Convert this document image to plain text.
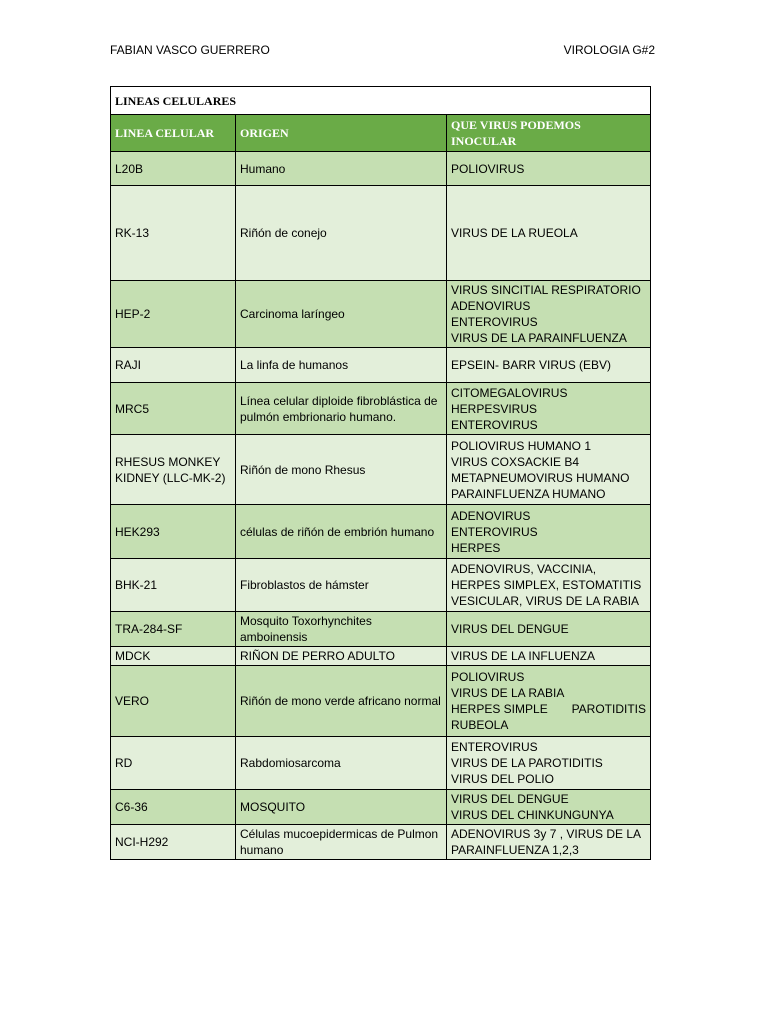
FABIAN VASCO GUERRERO	VIROLOGIA G#2
LINEAS CELULARES		
LINEA CELULAR	ORIGEN	QUE VIRUS PODEMOS INOCULAR
L20B	Humano	POLIOVIRUS

RK-13	Riñón de conejo	VIRUS DE LA RUEOLA

HEP-2	Carcinoma laríngeo	VIRUS SINCITIAL RESPIRATORIO
ADENOVIRUS
ENTEROVIRUS
VIRUS DE LA PARAINFLUENZA

RAJI	La linfa de humanos	EPSEIN- BARR VIRUS (EBV)

MRC5	Línea celular diploide fibroblástica de pulmón embrionario humano.	CITOMEGALOVIRUS
HERPESVIRUS
ENTEROVIRUS

RHESUS MONKEY KIDNEY (LLC-MK-2)	Riñón de mono Rhesus	POLIOVIRUS HUMANO 1
VIRUS COXSACKIE B4
METAPNEUMOVIRUS HUMANO
PARAINFLUENZA HUMANO

HEK293	células de riñón de embrión humano	ADENOVIRUS
ENTEROVIRUS
HERPES

BHK-21	Fibroblastos de hámster	ADENOVIRUS, VACCINIA, HERPES SIMPLEX, ESTOMATITIS VESICULAR, VIRUS DE LA RABIA

TRA-284-SF	Mosquito Toxorhynchites amboinensis	VIRUS DEL DENGUE

MDCK	RIÑON DE PERRO ADULTO	VIRUS DE LA INFLUENZA

VERO	Riñón de mono verde africano normal	POLIOVIRUS
VIRUS DE LA RABIA
HERPES SIMPLE PAROTIDITIS
RUBEOLA

RD	Rabdomiosarcoma	ENTEROVIRUS
VIRUS DE LA PAROTIDITIS
VIRUS DEL POLIO

C6-36	MOSQUITO	VIRUS DEL DENGUE
VIRUS DEL CHINKUNGUNYA

NCI-H292	Células mucoepidermicas de Pulmon humano	ADENOVIRUS 3y 7 , VIRUS DE LA PARAINFLUENZA 1,2,3
